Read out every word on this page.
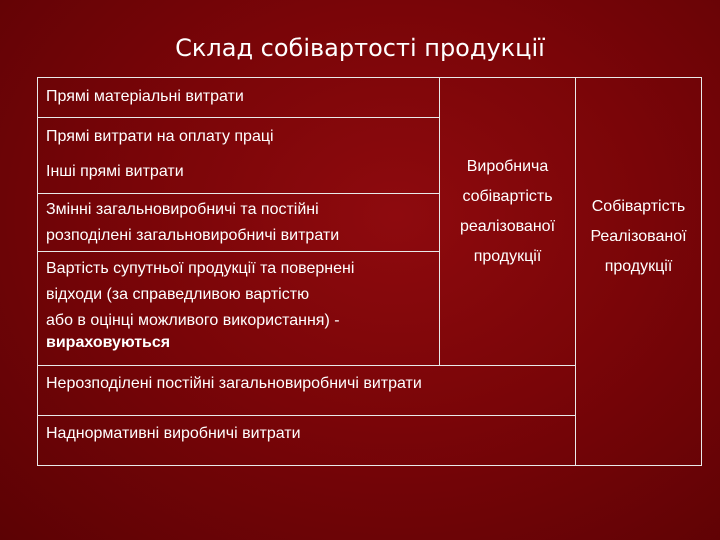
Склад собівартості продукції
Прямі матеріальні витрати
Прямі витрати на оплату праці
Інші прямі витрати
Змінні загальновиробничі та постійні
розподілені загальновиробничі витрати
Вартість супутньої продукції та повернені
відходи (за справедливою вартістю
або в оцінці можливого використання) -
вираховуються
Виробнича
собівартість
реалізованої
продукції
Нерозподілені постійні загальновиробничі витрати
Наднормативні виробничі витрати
Собівартість
Реалізованої
продукції
